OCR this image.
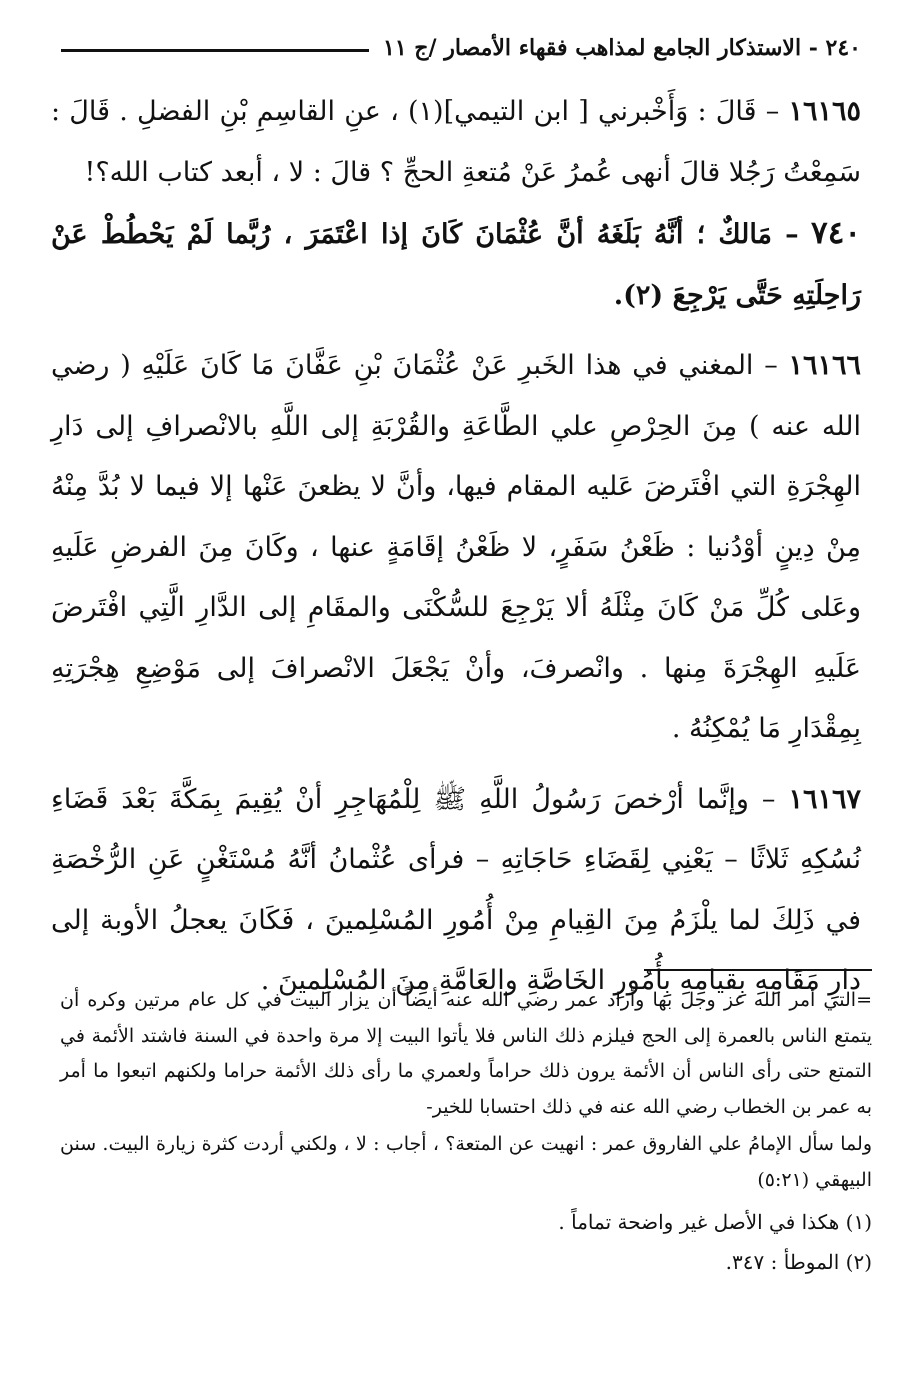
٢٤٠ - الاستذكار الجامع لمذاهب فقهاء الأمصار /ج ١١

١٦١٦٥ – قَالَ : وَأَخْبرني [ ابن التيمي](١) ، عنِ القاسِمِ بْنِ الفضلِ . قَالَ : سَمِعْتُ رَجُلا قالَ أنهى عُمرُ عَنْ مُتعةِ الحجِّ ؟ قالَ : لا ، أبعد كتاب الله؟!

٧٤٠ – مَالكٌ ؛ أنَّهُ بَلَغَهُ أنَّ عُثْمَانَ كَانَ إذا اعْتَمَرَ ، رُبَّما لَمْ يَحْطُطْ عَنْ رَاحِلَتِهِ حَتَّى يَرْجِعَ (٢).

١٦١٦٦ – المغني في هذا الخَبرِ عَنْ عُثْمَانَ بْنِ عَفَّانَ مَا كَانَ عَلَيْهِ ( رضي الله عنه ) مِنَ الحِرْصِ علي الطَّاعَةِ والقُرْبَةِ إلى اللَّهِ بالانْصرافِ إلى دَارِ الهِجْرَةِ التي افْتَرضَ عَليه المقام فيها، وأنَّ لا يظعنَ عَنْها إلا فيما لا بُدَّ مِنْهُ مِنْ دِينٍ أوْدُنيا : ظَعْنُ سَفَرٍ، لا ظَعْنُ إقَامَةٍ عنها ، وكَانَ مِنَ الفرضِ عَلَيهِ وعَلى كُلِّ مَنْ كَانَ مِثْلَهُ ألا يَرْجِعَ للسُّكْنَى والمقَامِ إلى الدَّارِ الَّتِي افْتَرضَ عَلَيهِ الهِجْرَةَ مِنها . وانْصرفَ، وأنْ يَجْعَلَ الانْصرافَ إلى مَوْضِعِ هِجْرَتِهِ بِمِقْدَارِ مَا يُمْكِنُهُ .

١٦١٦٧ – وإنَّما أرْخصَ رَسُولُ اللَّهِ ﷺ لِلْمُهَاجِرِ أنْ يُقِيمَ بِمَكَّةَ بَعْدَ قَضَاءِ نُسُكِهِ ثَلاثًا – يَعْنِي لِقَضَاءِ حَاجَاتِهِ – فرأى عُثْمانُ أنَّهُ مُسْتَغْنٍ عَنِ الرُّخْصَةِ في ذَلِكَ لما يلْزَمُ مِنَ القِيامِ مِنْ أُمُورِ المُسْلِمينَ ، فَكَانَ يعجلُ الأوبة إلى دارِ مَقَامِهِ بِقيامِهِ بِأُمُورِ الخَاصَّةِ والعَامَّةِ مِنَ المُسْلِمينَ .

=التي أمر الله عز وجل بها وأراد عمر رضي الله عنه أيضاً أن يزار البيت في كل عام مرتين وكره أن يتمتع الناس بالعمرة إلى الحج فيلزم ذلك الناس فلا يأتوا البيت إلا مرة واحدة في السنة فاشتد الأئمة في التمتع حتى رأى الناس أن الأئمة يرون ذلك حراماً ولعمري ما رأى ذلك الأئمة حراما ولكنهم اتبعوا ما أمر به عمر بن الخطاب رضي الله عنه في ذلك احتسابا للخير-

ولما سأل الإمامُ علي الفاروق عمر : انهيت عن المتعة؟ ، أجاب : لا ، ولكني أردت كثرة زيارة البيت. سنن البيهقي (٥:٢١)

(١) هكذا في الأصل غير واضحة تماماً .

(٢) الموطأ : ٣٤٧.
